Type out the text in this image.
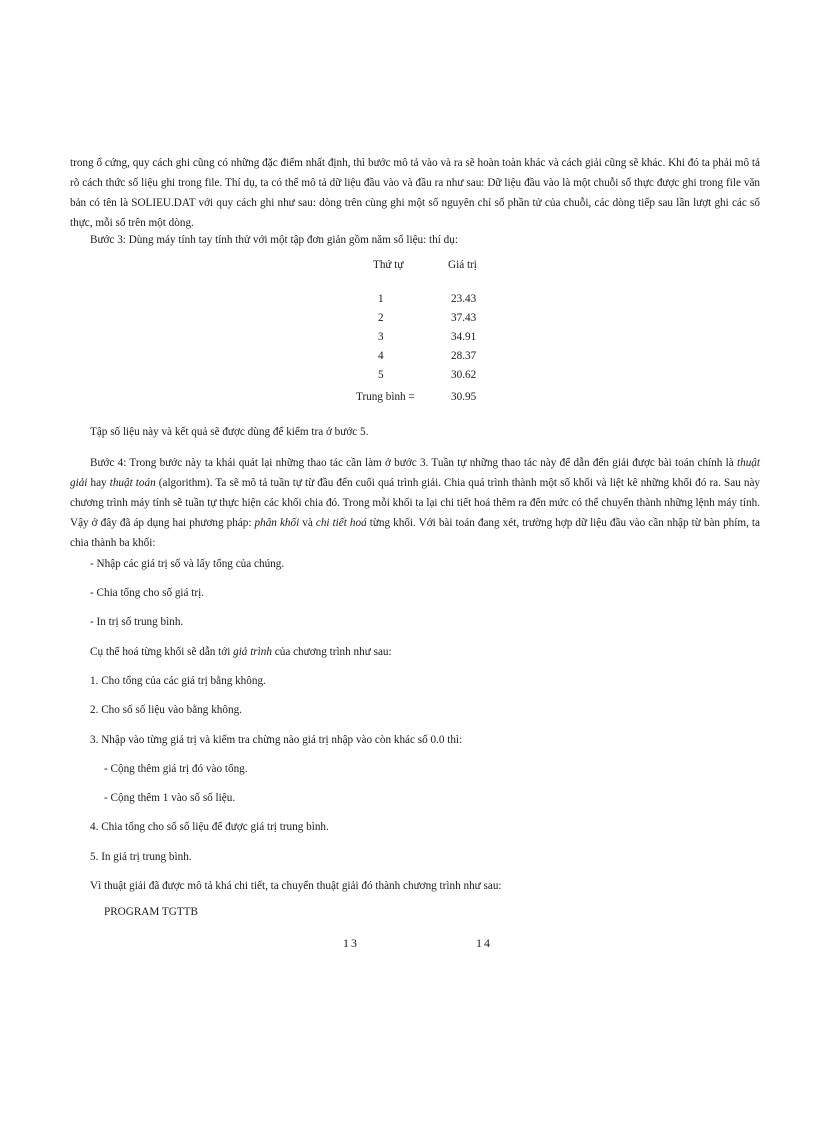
trong ổ cứng, quy cách ghi cũng có những đặc điểm nhất định, thì bước mô tả vào và ra sẽ hoàn toàn khác và cách giải cũng sẽ khác. Khi đó ta phải mô tả rõ cách thức số liệu ghi trong file. Thí dụ, ta có thể mô tả dữ liệu đầu vào và đầu ra như sau: Dữ liệu đầu vào là một chuỗi số thực được ghi trong file văn bản có tên là SOLIEU.DAT với quy cách ghi như sau: dòng trên cùng ghi một số nguyên chỉ số phần tử của chuỗi, các dòng tiếp sau lần lượt ghi các số thực, mỗi số trên một dòng.

Bước 3: Dùng máy tính tay tính thử với một tập đơn giản gồm năm số liệu: thí dụ:

Thứ tự	Giá trị
1	23.43
2	37.43
3	34.91
4	28.37
5	30.62
Trung bình =	30.95

Tập số liệu này và kết quả sẽ được dùng để kiểm tra ở bước 5.

Bước 4: Trong bước này ta khái quát lại những thao tác cần làm ở bước 3. Tuần tự những thao tác này để dẫn đến giải được bài toán chính là thuật giải hay thuật toán (algorithm). Ta sẽ mô tả tuần tự từ đầu đến cuối quá trình giải. Chia quá trình thành một số khối và liệt kê những khối đó ra. Sau này chương trình máy tính sẽ tuần tự thực hiện các khối chia đó. Trong mỗi khối ta lại chi tiết hoá thêm ra đến mức có thể chuyển thành những lệnh máy tính. Vậy ở đây đã áp dụng hai phương pháp: phân khối và chi tiết hoá từng khối. Với bài toán đang xét, trường hợp dữ liệu đầu vào cần nhập từ bàn phím, ta chia thành ba khối:

- Nhập các giá trị số và lấy tổng của chúng.

- Chia tổng cho số giá trị.

- In trị số trung bình.

Cụ thể hoá từng khối sẽ dẫn tới giả trình của chương trình như sau:

1. Cho tổng của các giá trị bằng không.

2. Cho số số liệu vào bằng không.

3. Nhập vào từng giá trị và kiểm tra chừng nào giá trị nhập vào còn khác số 0.0 thì:

- Cộng thêm giá trị đó vào tổng.

- Cộng thêm 1 vào số số liệu.

4. Chia tổng cho số số liệu để được giá trị trung bình.

5. In giá trị trung bình.

Vì thuật giải đã được mô tả khá chi tiết, ta chuyển thuật giải đó thành chương trình như sau:

PROGRAM TGTTB

13	14
